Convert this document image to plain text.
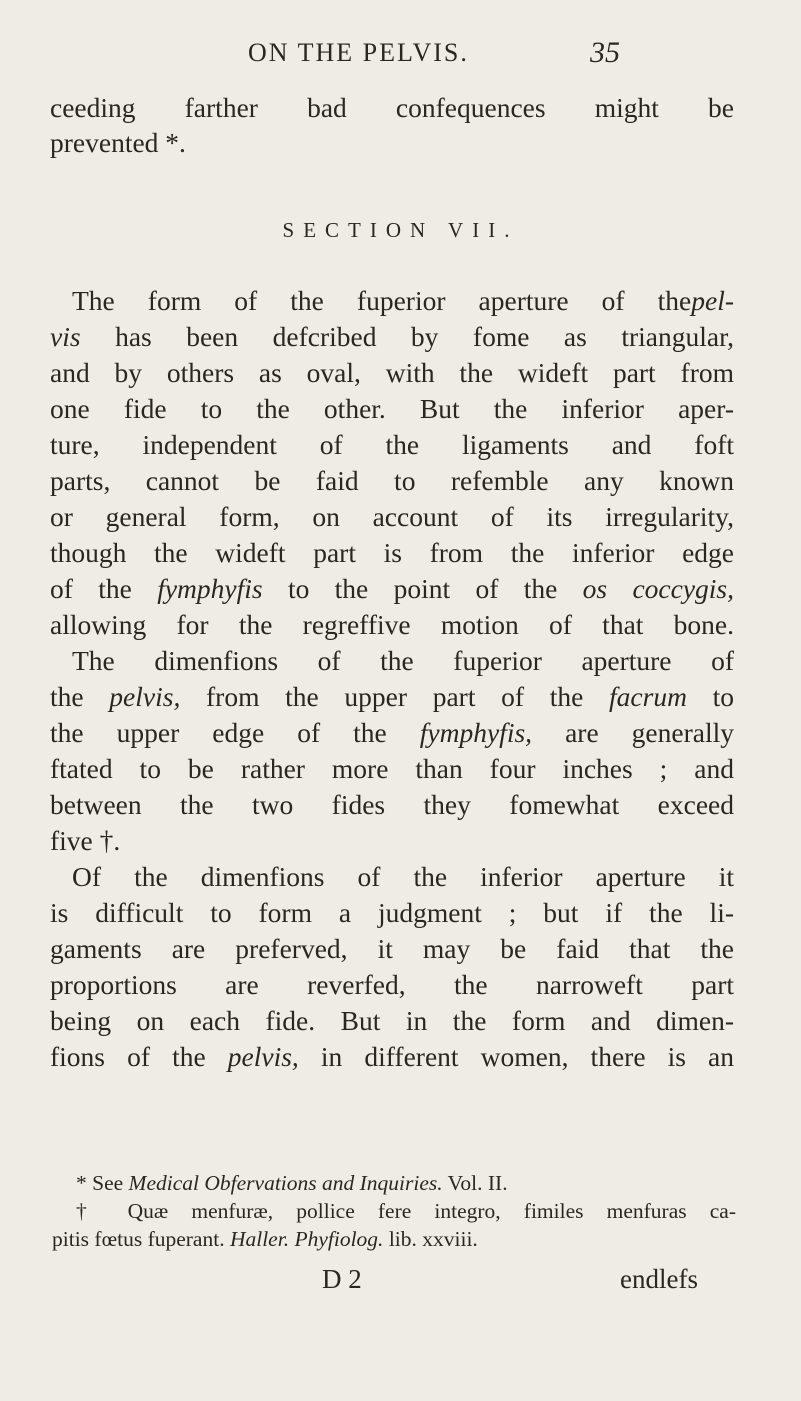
ON THE PELVIS.	35
ceeding farther bad confequences might be
prevented *.
SECTION VII.
The form of the fuperior aperture of thepel-
vis has been defcribed by fome as triangular,
and by others as oval, with the wideft part from
one fide to the other. But the inferior aper-
ture, independent of the ligaments and foft
parts, cannot be faid to refemble any known
or general form, on account of its irregularity,
though the wideft part is from the inferior edge
of the fymphyfis to the point of the os coccygis,
allowing for the regreffive motion of that bone.
The dimenfions of the fuperior aperture of
the pelvis, from the upper part of the facrum to
the upper edge of the fymphyfis, are generally
ftated to be rather more than four inches ; and
between the two fides they fomewhat exceed
five †.
Of the dimenfions of the inferior aperture it
is difficult to form a judgment ; but if the li-
gaments are preferved, it may be faid that the
proportions are reverfed, the narroweft part
being on each fide. But in the form and dimen-
fions of the pelvis, in different women, there is an
* See Medical Obfervations and Inquiries. Vol. II.
† Quæ menfuræ, pollice fere integro, fimiles menfuras ca-
pitis fœtus fuperant. Haller. Phyfiolog. lib. xxviii.
D 2	endlefs
